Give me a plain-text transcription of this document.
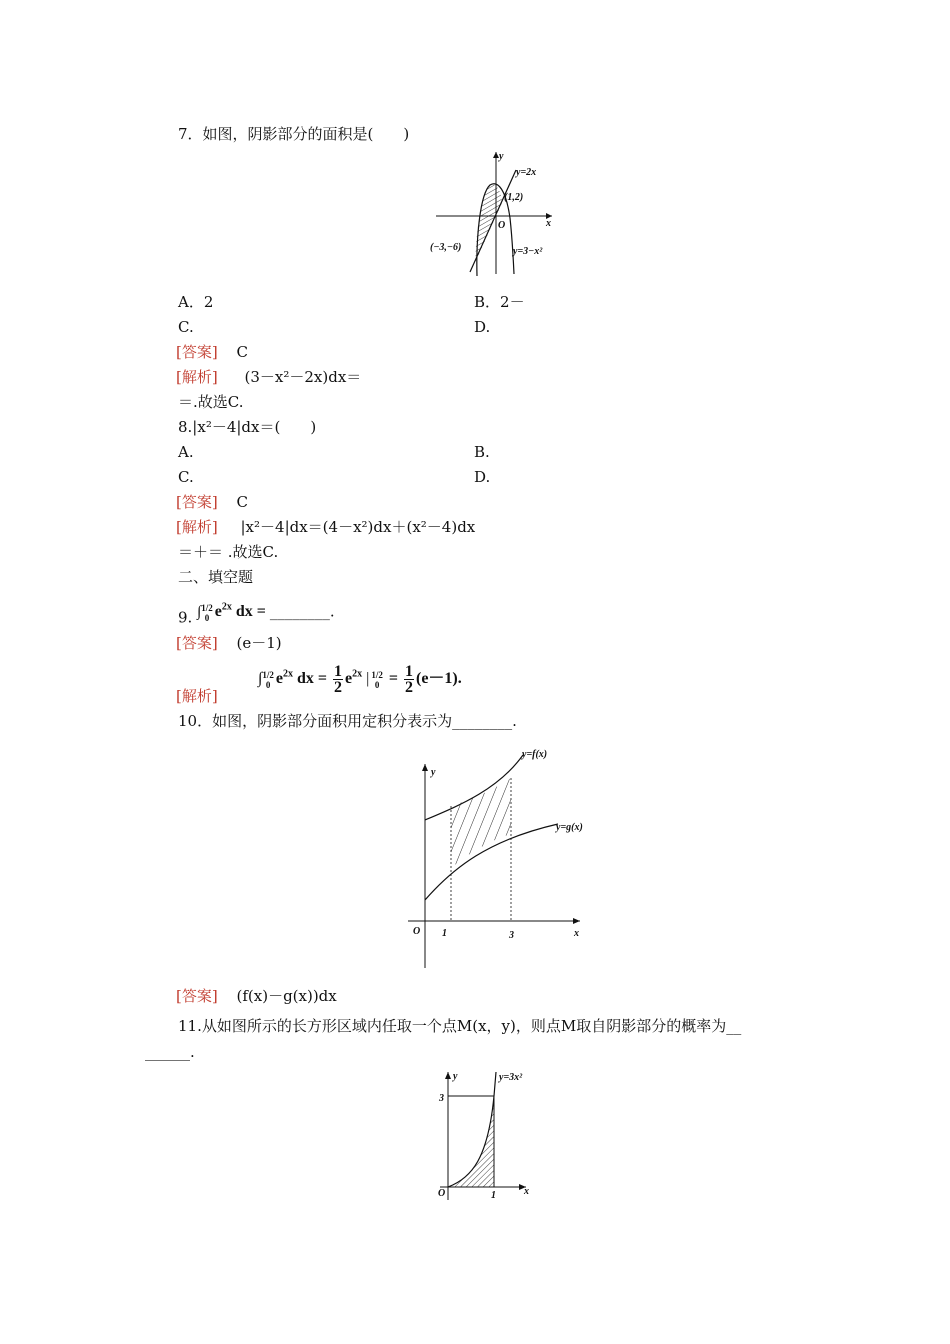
7．如图，阴影部分的面积是(　　)
y
x
O
y=2x
(1,2)
(−3,−6)	y=3−x²
A．2	B．2－
C.	D.
[答案] C
[解析] (3－x²－2x)dx＝
＝.故选C.
8.|x²－4|dx＝(　　)
A.	B.
C.	D.
[答案] C
[解析] |x²－4|dx＝(4－x²)dx＋(x²－4)dx
＝＋＝ .故选C.
二、填空题
9. ∫ 1/2
0 $e^{2x}$ dx = ________.
[答案] (e－1)
∫ 1/2
0 $e^{2x}$ dx = $\frac{1}{2} e^{2x}$ | 1/2
$0 = \frac{1}{2} (e-1)$.
[解析]
10．如图，阴影部分面积用定积分表示为________.
y
x
O
y=f(x)
y=g(x)
1	3
[答案] (f(x)－g(x))dx
11.从如图所示的长方形区域内任取一个点M(x，y)，则点M取自阴影部分的概率为__
______.
y
x
O
y=3x²
1
3
